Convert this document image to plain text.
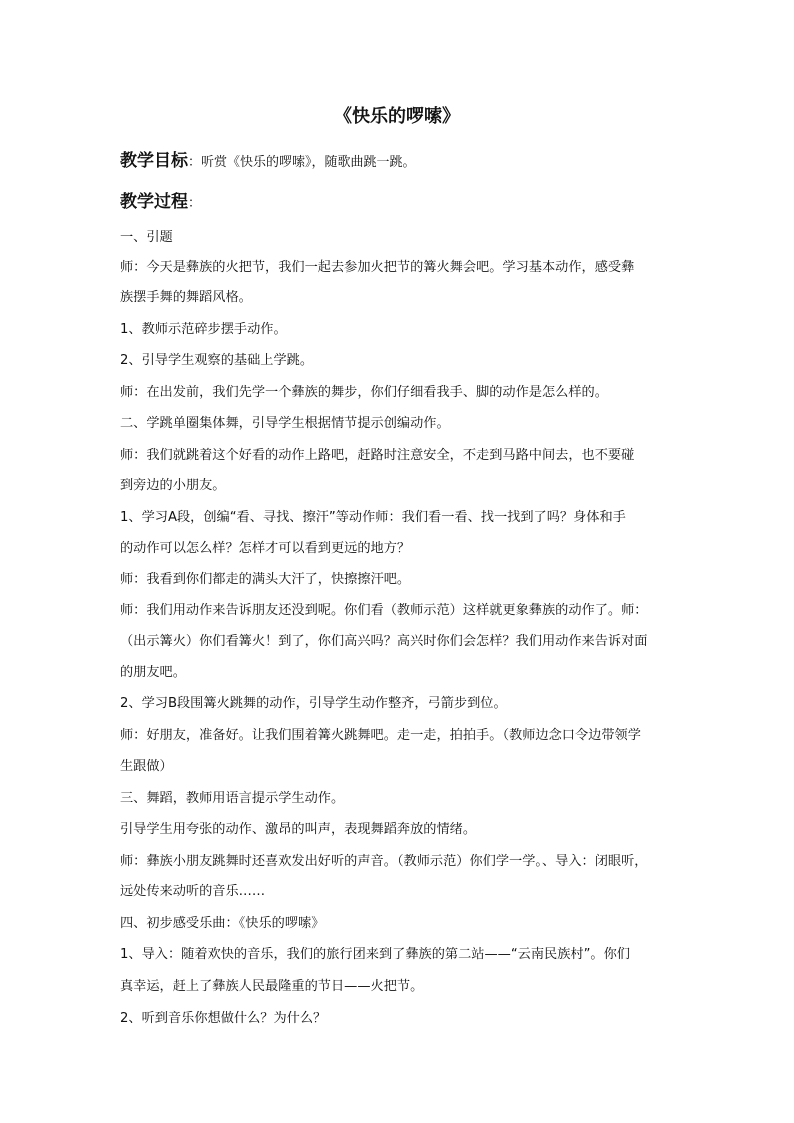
《快乐的啰嗦》
教学目标：听赏《快乐的啰嗦》，随歌曲跳一跳。
教学过程：
一、引题
师：今天是彝族的火把节，我们一起去参加火把节的篝火舞会吧。学习基本动作，感受彝
族摆手舞的舞蹈风格。
1、教师示范碎步摆手动作。
2、引导学生观察的基础上学跳。
师：在出发前，我们先学一个彝族的舞步，你们仔细看我手、脚的动作是怎么样的。
二、学跳单圈集体舞，引导学生根据情节提示创编动作。
师：我们就跳着这个好看的动作上路吧，赶路时注意安全，不走到马路中间去，也不要碰
到旁边的小朋友。
1、学习A段，创编“看、寻找、擦汗”等动作师：我们看一看、找一找到了吗？身体和手
的动作可以怎么样？怎样才可以看到更远的地方？
师：我看到你们都走的满头大汗了，快擦擦汗吧。
师：我们用动作来告诉朋友还没到呢。你们看（教师示范）这样就更象彝族的动作了。师：
（出示篝火）你们看篝火！到了，你们高兴吗？高兴时你们会怎样？我们用动作来告诉对面
的朋友吧。
2、学习B段围篝火跳舞的动作，引导学生动作整齐，弓箭步到位。
师：好朋友，准备好。让我们围着篝火跳舞吧。走一走，拍拍手。（教师边念口令边带领学
生跟做）
三、舞蹈，教师用语言提示学生动作。
引导学生用夸张的动作、激昂的叫声，表现舞蹈奔放的情绪。
师：彝族小朋友跳舞时还喜欢发出好听的声音。（教师示范）你们学一学。、导入：闭眼听，
远处传来动听的音乐……
四、初步感受乐曲：《快乐的啰嗦》
1、导入：随着欢快的音乐，我们的旅行团来到了彝族的第二站——“云南民族村”。你们
真幸运，赶上了彝族人民最隆重的节日——火把节。
2、听到音乐你想做什么？为什么？
